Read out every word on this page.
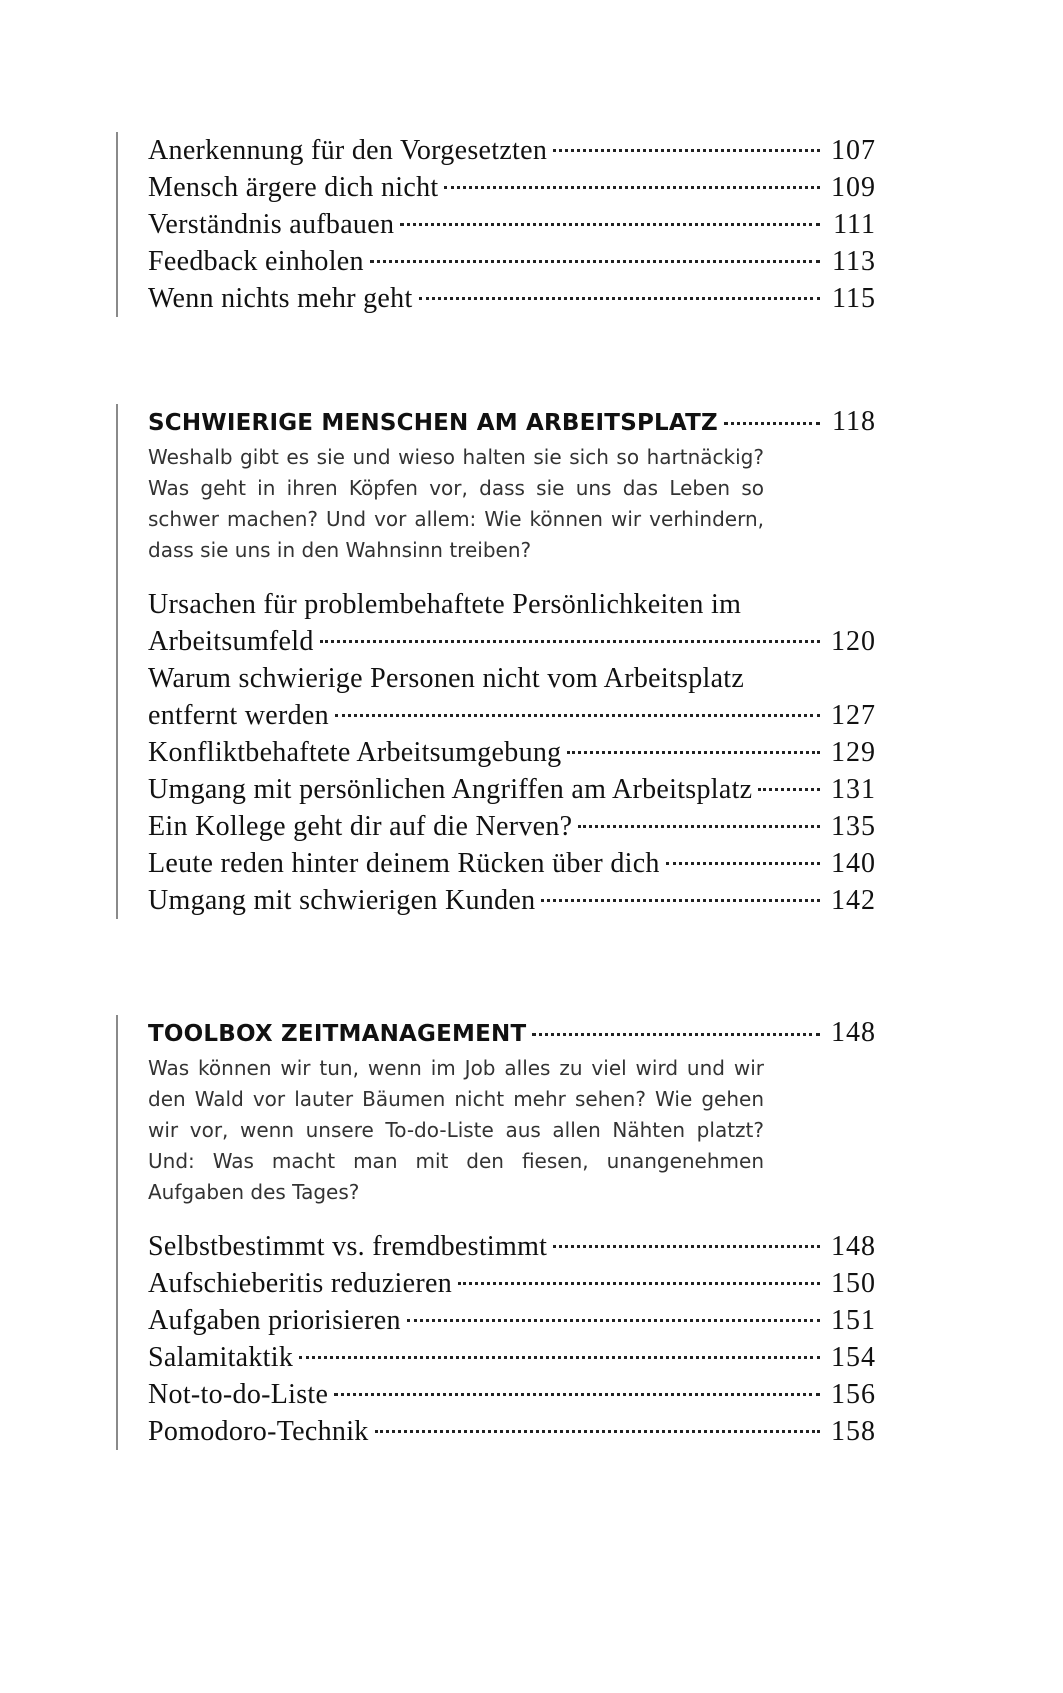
Anerkennung für den Vorgesetzten	107
Mensch ärgere dich nicht	109
Verständnis aufbauen	111
Feedback einholen	113
Wenn nichts mehr geht	115
SCHWIERIGE MENSCHEN AM ARBEITSPLATZ	118
Weshalb gibt es sie und wieso halten sie sich so hartnäckig? Was geht in ihren Köpfen vor, dass sie uns das Leben so schwer machen? Und vor allem: Wie können wir verhindern, dass sie uns in den Wahnsinn treiben?
Ursachen für problembehaftete Persönlichkeiten im
Arbeitsumfeld	120
Warum schwierige Personen nicht vom Arbeitsplatz
entfernt werden	127
Konfliktbehaftete Arbeitsumgebung	129
Umgang mit persönlichen Angriffen am Arbeitsplatz	131
Ein Kollege geht dir auf die Nerven?	135
Leute reden hinter deinem Rücken über dich	140
Umgang mit schwierigen Kunden	142
TOOLBOX ZEITMANAGEMENT	148
Was können wir tun, wenn im Job alles zu viel wird und wir den Wald vor lauter Bäumen nicht mehr sehen? Wie gehen wir vor, wenn unsere To-do-Liste aus allen Nähten platzt? Und: Was macht man mit den fiesen, unangenehmen Aufgaben des Tages?
Selbstbestimmt vs. fremdbestimmt	148
Aufschieberitis reduzieren	150
Aufgaben priorisieren	151
Salamitaktik	154
Not-to-do-Liste	156
Pomodoro-Technik	158
